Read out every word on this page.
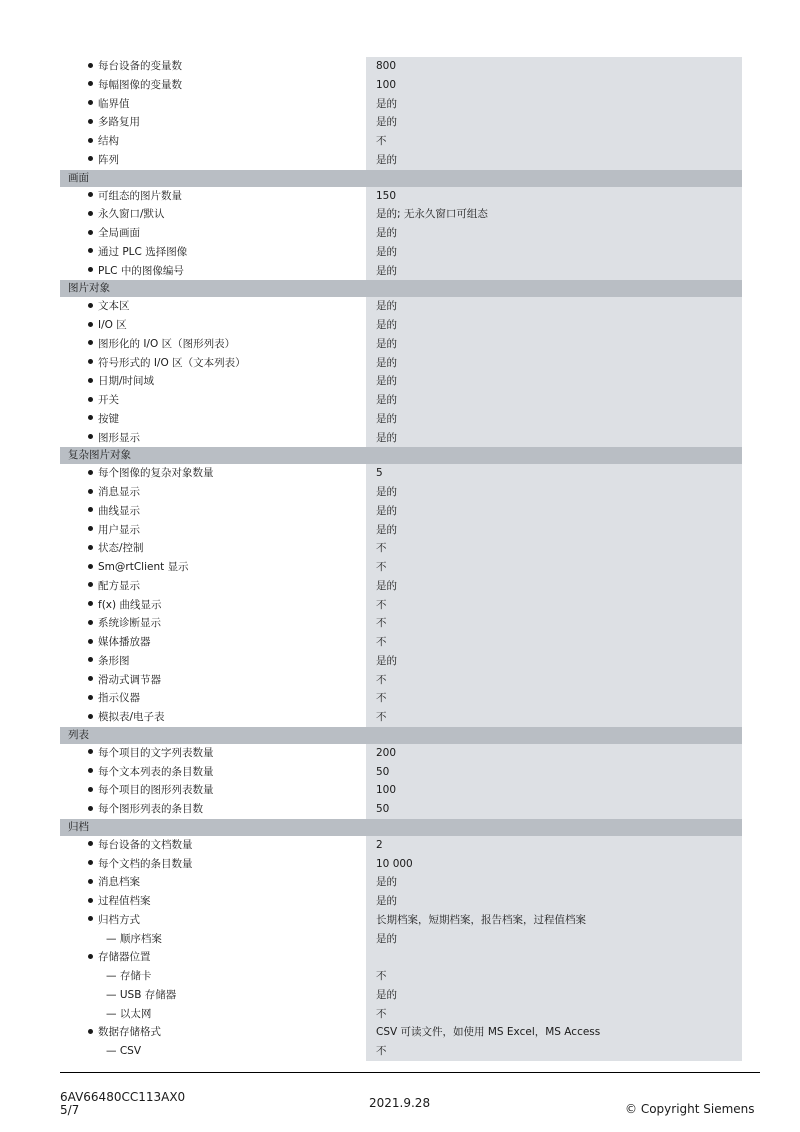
每台设备的变量数	800
每幅图像的变量数	100
临界值	是的
多路复用	是的
结构	不
阵列	是的
画面
可组态的图片数量	150
永久窗口/默认	是的; 无永久窗口可组态
全局画面	是的
通过 PLC 选择图像	是的
PLC 中的图像编号	是的
图片对象
文本区	是的
I/O 区	是的
图形化的 I/O 区（图形列表）	是的
符号形式的 I/O 区（文本列表）	是的
日期/时间域	是的
开关	是的
按键	是的
图形显示	是的
复杂图片对象
每个图像的复杂对象数量	5
消息显示	是的
曲线显示	是的
用户显示	是的
状态/控制	不
Sm@rtClient 显示	不
配方显示	是的
f(x) 曲线显示	不
系统诊断显示	不
媒体播放器	不
条形图	是的
滑动式调节器	不
指示仪器	不
模拟表/电子表	不
列表
每个项目的文字列表数量	200
每个文本列表的条目数量	50
每个项目的图形列表数量	100
每个图形列表的条目数	50
归档
每台设备的文档数量	2
每个文档的条目数量	10 000
消息档案	是的
过程值档案	是的
归档方式	长期档案，短期档案，报告档案，过程值档案
— 顺序档案	是的
存储器位置
— 存储卡	不
— USB 存储器	是的
— 以太网	不
数据存储格式	CSV 可读文件，如使用 MS Excel，MS Access
— CSV	不
6AV66480CC113AX0
5/7	2021.9.28	© Copyright Siemens
